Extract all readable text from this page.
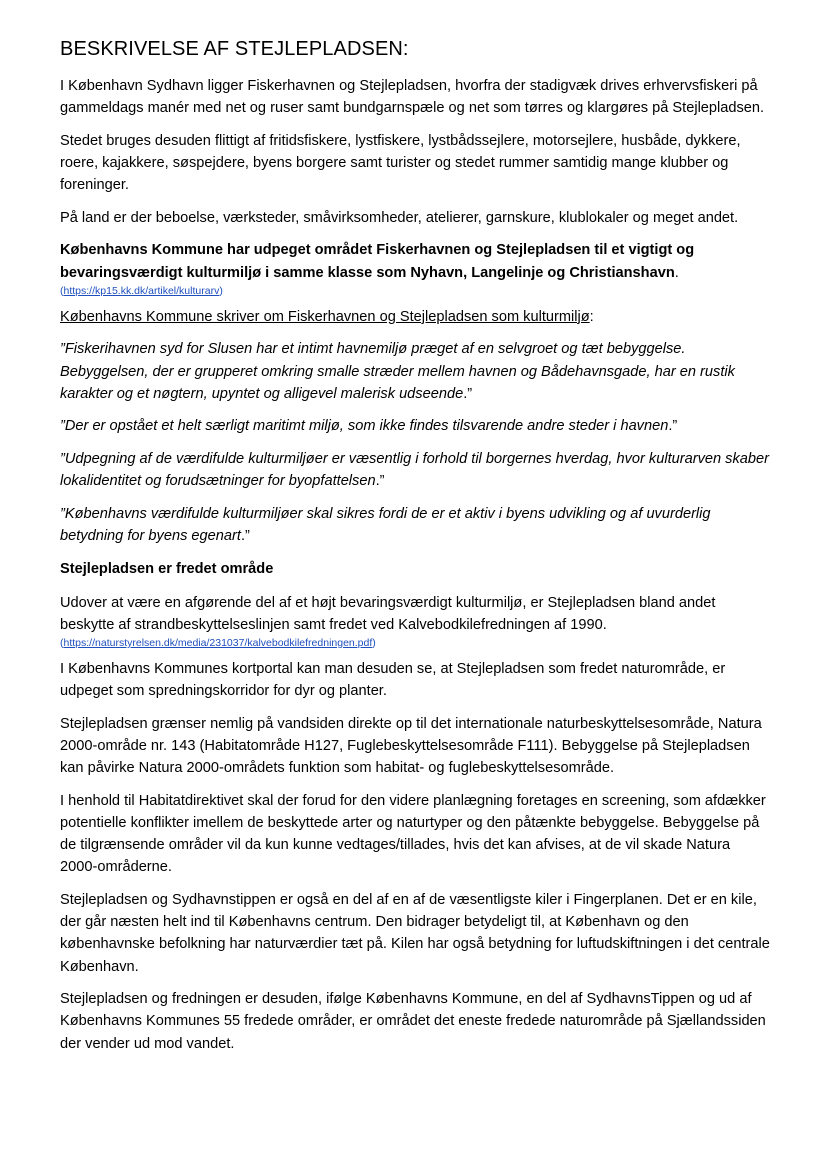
BESKRIVELSE AF STEJLEPLADSEN:

I København Sydhavn ligger Fiskerhavnen og Stejlepladsen, hvorfra der stadigvæk drives erhvervsfiskeri på gammeldags manér med net og ruser samt bundgarnspæle og net som tørres og klargøres på Stejlepladsen.

Stedet bruges desuden flittigt af fritidsfiskere, lystfiskere, lystbådssejlere, motorsejlere, husbåde, dykkere, roere, kajakkere, søspejdere, byens borgere samt turister og stedet rummer samtidig mange klubber og foreninger.

På land er der beboelse, værksteder, småvirksomheder, atelierer, garnskure, klublokaler og meget andet.

Københavns Kommune har udpeget området Fiskerhavnen og Stejlepladsen til et vigtigt og bevaringsværdigt kulturmiljø i samme klasse som Nyhavn, Langelinje og Christianshavn.
(https://kp15.kk.dk/artikel/kulturarv)

Københavns Kommune skriver om Fiskerhavnen og Stejlepladsen som kulturmiljø:

”Fiskerihavnen syd for Slusen har et intimt havnemiljø præget af en selvgroet og tæt bebyggelse. Bebyggelsen, der er grupperet omkring smalle stræder mellem havnen og Bådehavnsgade, har en rustik karakter og et nøgtern, upyntet og alligevel malerisk udseende.”

”Der er opstået et helt særligt maritimt miljø, som ikke findes tilsvarende andre steder i havnen.”

”Udpegning af de værdifulde kulturmiljøer er væsentlig i forhold til borgernes hverdag, hvor kulturarven skaber lokalidentitet og forudsætninger for byopfattelsen.”

”Københavns værdifulde kulturmiljøer skal sikres fordi de er et aktiv i byens udvikling og af uvurderlig betydning for byens egenart.”

Stejlepladsen er fredet område

Udover at være en afgørende del af et højt bevaringsværdigt kulturmiljø, er Stejlepladsen bland andet beskytte af strandbeskyttelseslinjen samt fredet ved Kalvebodkilefredningen af 1990.
(https://naturstyrelsen.dk/media/231037/kalvebodkilefredningen.pdf)

I Københavns Kommunes kortportal kan man desuden se, at Stejlepladsen som fredet naturområde, er udpeget som spredningskorridor for dyr og planter.

Stejlepladsen grænser nemlig på vandsiden direkte op til det internationale naturbeskyttelsesområde, Natura 2000-område nr. 143 (Habitatområde H127, Fuglebeskyttelsesområde F111). Bebyggelse på Stejlepladsen kan påvirke Natura 2000-områdets funktion som habitat- og fuglebeskyttelsesområde.

I henhold til Habitatdirektivet skal der forud for den videre planlægning foretages en screening, som afdækker potentielle konflikter imellem de beskyttede arter og naturtyper og den påtænkte bebyggelse. Bebyggelse på de tilgrænsende områder vil da kun kunne vedtages/tillades, hvis det kan afvises, at de vil skade Natura 2000-områderne.

Stejlepladsen og Sydhavnstippen er også en del af en af de væsentligste kiler i Fingerplanen. Det er en kile, der går næsten helt ind til Københavns centrum. Den bidrager betydeligt til, at København og den københavnske befolkning har naturværdier tæt på. Kilen har også betydning for luftudskiftningen i det centrale København.

Stejlepladsen og fredningen er desuden, ifølge Københavns Kommune, en del af SydhavnsTippen og ud af Københavns Kommunes 55 fredede områder, er området det eneste fredede naturområde på Sjællandssiden der vender ud mod vandet.
